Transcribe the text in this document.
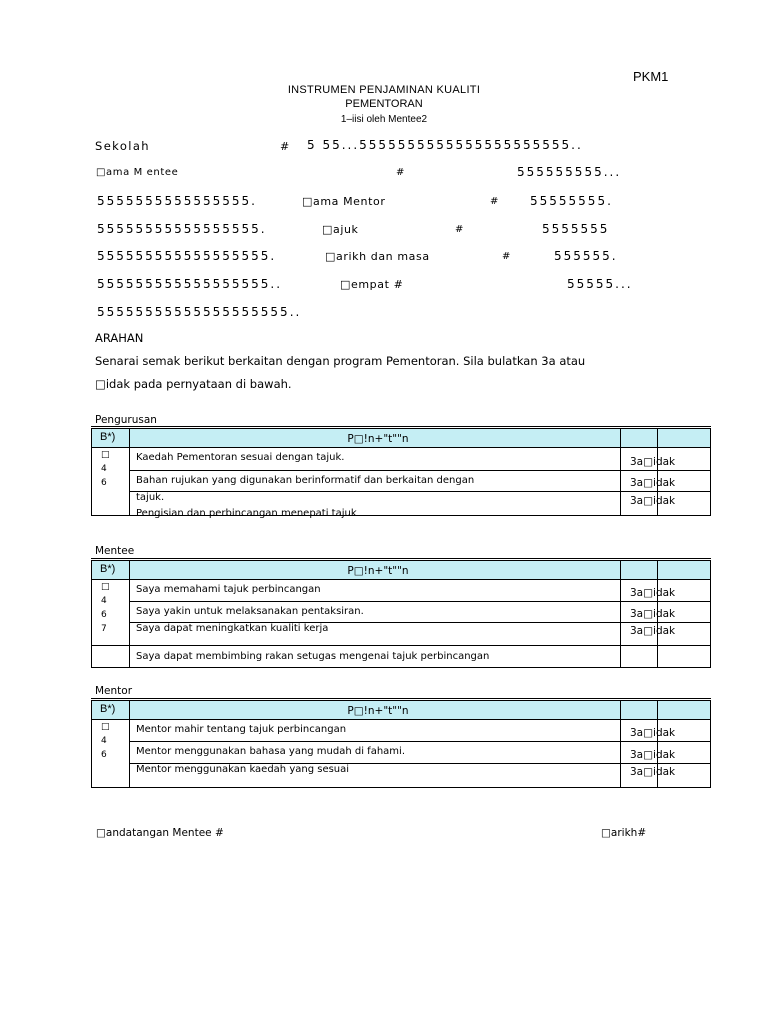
PKM1
INSTRUMEN PENJAMINAN KUALITI
PEMENTORAN
1–iisi oleh Mentee2
Sekolah	# 5 55...5555555555555555555555..
□ama M entee	#	555555555...
5555555555555555.	□ama Mentor	#	55555555.
55555555555555555.	□ajuk	#	5555555
555555555555555555.	□arikh dan masa	#	555555.
555555555555555555..	□empat #	55555...
55555555555555555555..
ARAHAN
Senarai semak berikut berkaitan dengan program Pementoran. Sila bulatkan 3a atau
□idak pada pernyataan di bawah.
Pengurusan
B*)	P□!n+"t""n		

□
4
6	Kaedah Pementoran sesuai dengan tajuk.		3a□idak

	Bahan rujukan yang digunakan berinformatif dan berkaitan dengan		3a□idak

	tajuk.
Pengisian dan perbincangan menepati tajuk		3a□idak
Mentee
B*)	P□!n+"t""n		

□
4
6
7	Saya memahami tajuk perbincangan		3a□idak

	Saya yakin untuk melaksanakan pentaksiran.		3a□idak

	Saya dapat meningkatkan kualiti kerja		3a□idak

	Saya dapat membimbing rakan setugas mengenai tajuk perbincangan		
Mentor
B*)	P□!n+"t""n		

□
4
6	Mentor mahir tentang tajuk perbincangan		3a□idak

	Mentor menggunakan bahasa yang mudah di fahami.		3a□idak

	Mentor menggunakan kaedah yang sesuai		3a□idak
□andatangan Mentee #	□arikh#
